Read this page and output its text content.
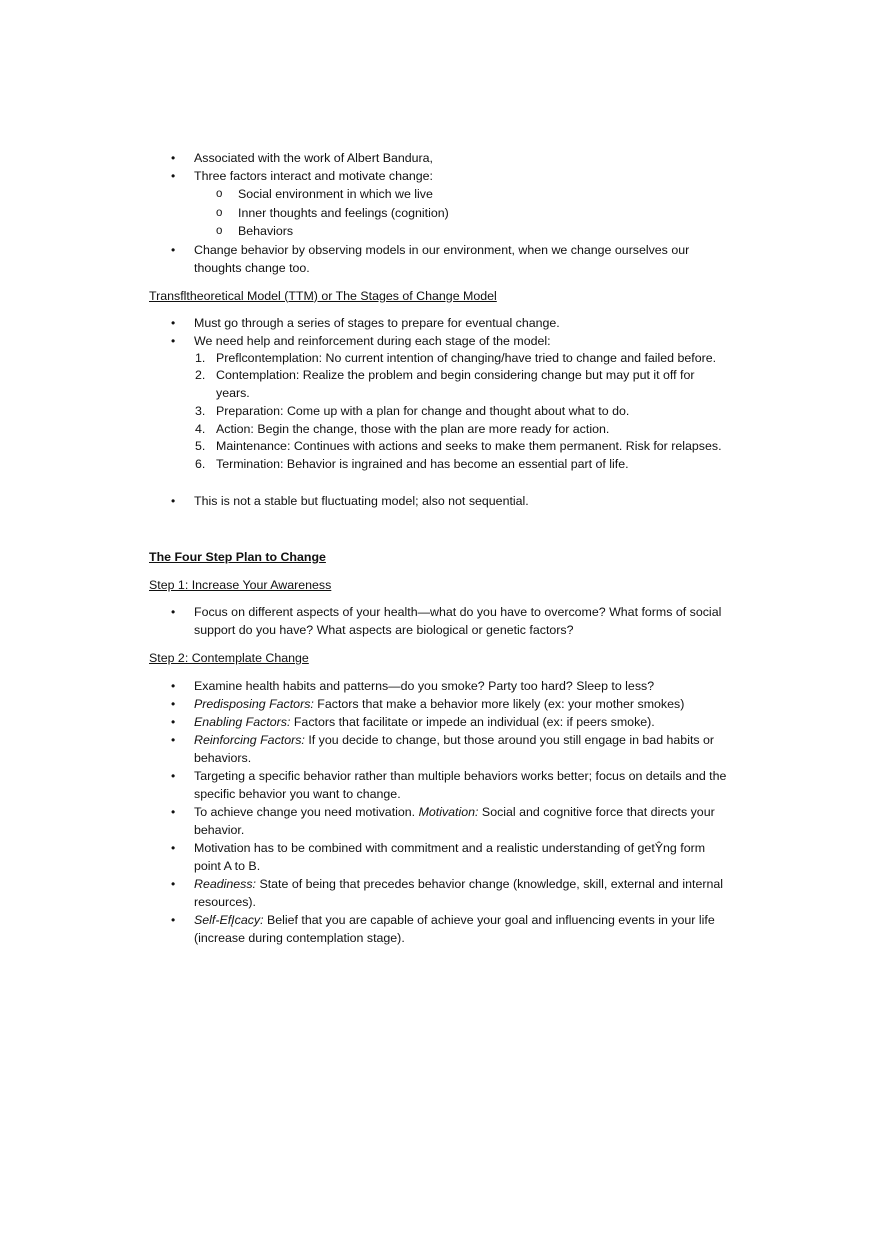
• Associated with the work of Albert Bandura,
• Three factors interact and motivate change:
o Social environment in which we live
o Inner thoughts and feelings (cognition)
o Behaviors
• Change behavior by observing models in our environment, when we change ourselves our thoughts change too.
Transfltheoretical Model (TTM) or The Stages of Change Model
• Must go through a series of stages to prepare for eventual change.
• We need help and reinforcement during each stage of the model:
1. Preflcontemplation: No current intention of changing/have tried to change and failed before.
2. Contemplation: Realize the problem and begin considering change but may put it off for years.
3. Preparation: Come up with a plan for change and thought about what to do.
4. Action: Begin the change, those with the plan are more ready for action.
5. Maintenance: Continues with actions and seeks to make them permanent. Risk for relapses.
6. Termination: Behavior is ingrained and has become an essential part of life.
• This is not a stable but fluctuating model; also not sequential.
The Four Step Plan to Change
Step 1: Increase Your Awareness
• Focus on different aspects of your health—what do you have to overcome? What forms of social support do you have? What aspects are biological or genetic factors?
Step 2: Contemplate Change
• Examine health habits and patterns—do you smoke? Party too hard? Sleep to less?
• Predisposing Factors: Factors that make a behavior more likely (ex: your mother smokes)
• Enabling Factors: Factors that facilitate or impede an individual (ex: if peers smoke).
• Reinforcing Factors: If you decide to change, but those around you still engage in bad habits or behaviors.
• Targeting a specific behavior rather than multiple behaviors works better; focus on details and the specific behavior you want to change.
• To achieve change you need motivation. Motivation: Social and cognitive force that directs your behavior.
• Motivation has to be combined with commitment and a realistic understanding of getŶng form point A to B.
• Readiness: State of being that precedes behavior change (knowledge, skill, external and internal resources).
• Self-EfĮcacy: Belief that you are capable of achieve your goal and influencing events in your life (increase during contemplation stage).
